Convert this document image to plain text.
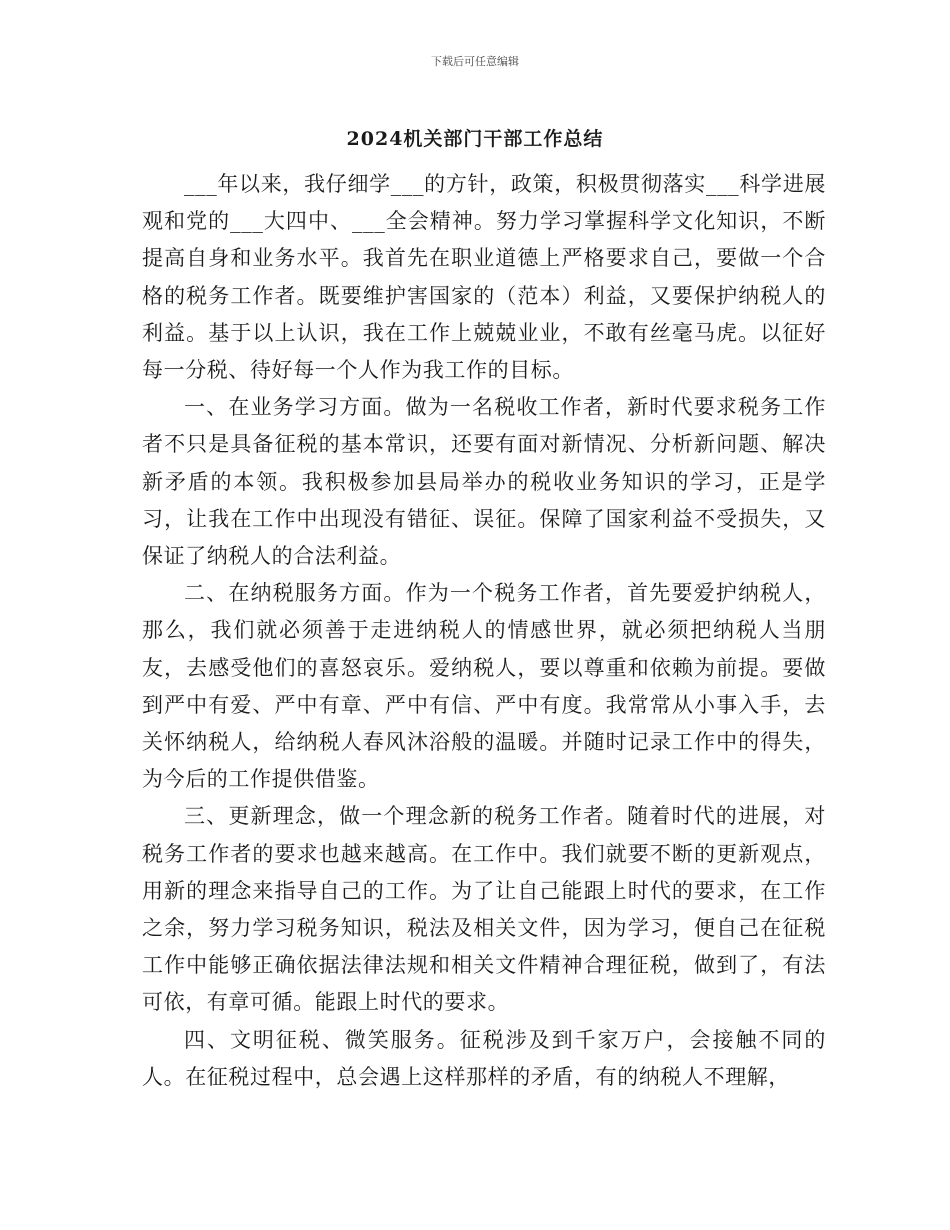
下载后可任意编辑
2024机关部门干部工作总结

___年以来，我仔细学___的方针，政策，积极贯彻落实___科学进展观和党的___大四中、___全会精神。努力学习掌握科学文化知识，不断提高自身和业务水平。我首先在职业道德上严格要求自己，要做一个合格的税务工作者。既要维护害国家的（范本）利益，又要保护纳税人的利益。基于以上认识，我在工作上兢兢业业，不敢有丝毫马虎。以征好每一分税、待好每一个人作为我工作的目标。

一、在业务学习方面。做为一名税收工作者，新时代要求税务工作者不只是具备征税的基本常识，还要有面对新情况、分析新问题、解决新矛盾的本领。我积极参加县局举办的税收业务知识的学习，正是学习，让我在工作中出现没有错征、误征。保障了国家利益不受损失，又保证了纳税人的合法利益。

二、在纳税服务方面。作为一个税务工作者，首先要爱护纳税人，那么，我们就必须善于走进纳税人的情感世界，就必须把纳税人当朋友，去感受他们的喜怒哀乐。爱纳税人，要以尊重和依赖为前提。要做到严中有爱、严中有章、严中有信、严中有度。我常常从小事入手，去关怀纳税人，给纳税人春风沐浴般的温暖。并随时记录工作中的得失，为今后的工作提供借鉴。

三、更新理念，做一个理念新的税务工作者。随着时代的进展，对税务工作者的要求也越来越高。在工作中。我们就要不断的更新观点，用新的理念来指导自己的工作。为了让自己能跟上时代的要求，在工作之余，努力学习税务知识，税法及相关文件，因为学习，便自己在征税工作中能够正确依据法律法规和相关文件精神合理征税，做到了，有法可依，有章可循。能跟上时代的要求。

四、文明征税、微笑服务。征税涉及到千家万户，会接触不同的人。在征税过程中，总会遇上这样那样的矛盾，有的纳税人不理解，
